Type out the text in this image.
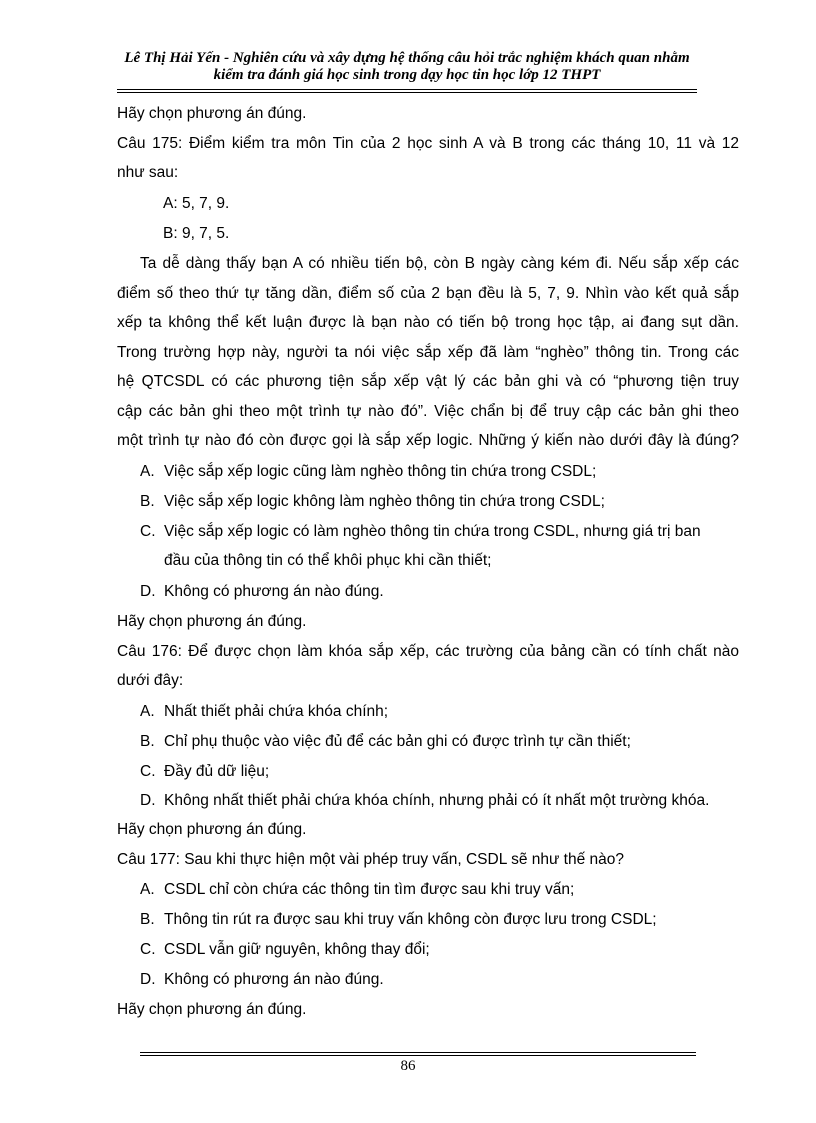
Lê Thị Hải Yến - Nghiên cứu và xây dựng hệ thống câu hỏi trắc nghiệm khách quan nhằm
kiểm tra đánh giá học sinh trong dạy học tin học lớp 12 THPT
Hãy chọn phương án đúng.
Câu 175: Điểm kiểm tra môn Tin của 2 học sinh A và B trong các tháng 10, 11 và 12
như sau:
A: 5, 7, 9.
B: 9, 7, 5.
Ta dễ dàng thấy bạn A có nhiều tiến bộ, còn B ngày càng kém đi. Nếu sắp xếp các
điểm số theo thứ tự tăng dần, điểm số của 2 bạn đều là 5, 7, 9. Nhìn vào kết quả sắp
xếp ta không thể kết luận được là bạn nào có tiến bộ trong học tập, ai đang sụt dần.
Trong trường hợp này, người ta nói việc sắp xếp đã làm “nghèo” thông tin. Trong các
hệ QTCSDL có các phương tiện sắp xếp vật lý các bản ghi và có “phương tiện truy
cập các bản ghi theo một trình tự nào đó”. Việc chẩn bị để truy cập các bản ghi theo
một trình tự nào đó còn được gọi là sắp xếp logic. Những ý kiến nào dưới đây là đúng?
A. Việc sắp xếp logic cũng làm nghèo thông tin chứa trong CSDL;
B. Việc sắp xếp logic không làm nghèo thông tin chứa trong CSDL;
C. Việc sắp xếp logic có làm nghèo thông tin chứa trong CSDL, nhưng giá trị ban
đầu của thông tin có thể khôi phục khi cần thiết;
D. Không có phương án nào đúng.
Hãy chọn phương án đúng.
Câu 176: Để được chọn làm khóa sắp xếp, các trường của bảng cần có tính chất nào
dưới đây:
A. Nhất thiết phải chứa khóa chính;
B. Chỉ phụ thuộc vào việc đủ để các bản ghi có được trình tự cần thiết;
C. Đầy đủ dữ liệu;
D. Không nhất thiết phải chứa khóa chính, nhưng phải có ít nhất một trường khóa.
Hãy chọn phương án đúng.
Câu 177: Sau khi thực hiện một vài phép truy vấn, CSDL sẽ như thế nào?
A. CSDL chỉ còn chứa các thông tin tìm được sau khi truy vấn;
B. Thông tin rút ra được sau khi truy vấn không còn được lưu trong CSDL;
C. CSDL vẫn giữ nguyên, không thay đổi;
D. Không có phương án nào đúng.
Hãy chọn phương án đúng.
86
